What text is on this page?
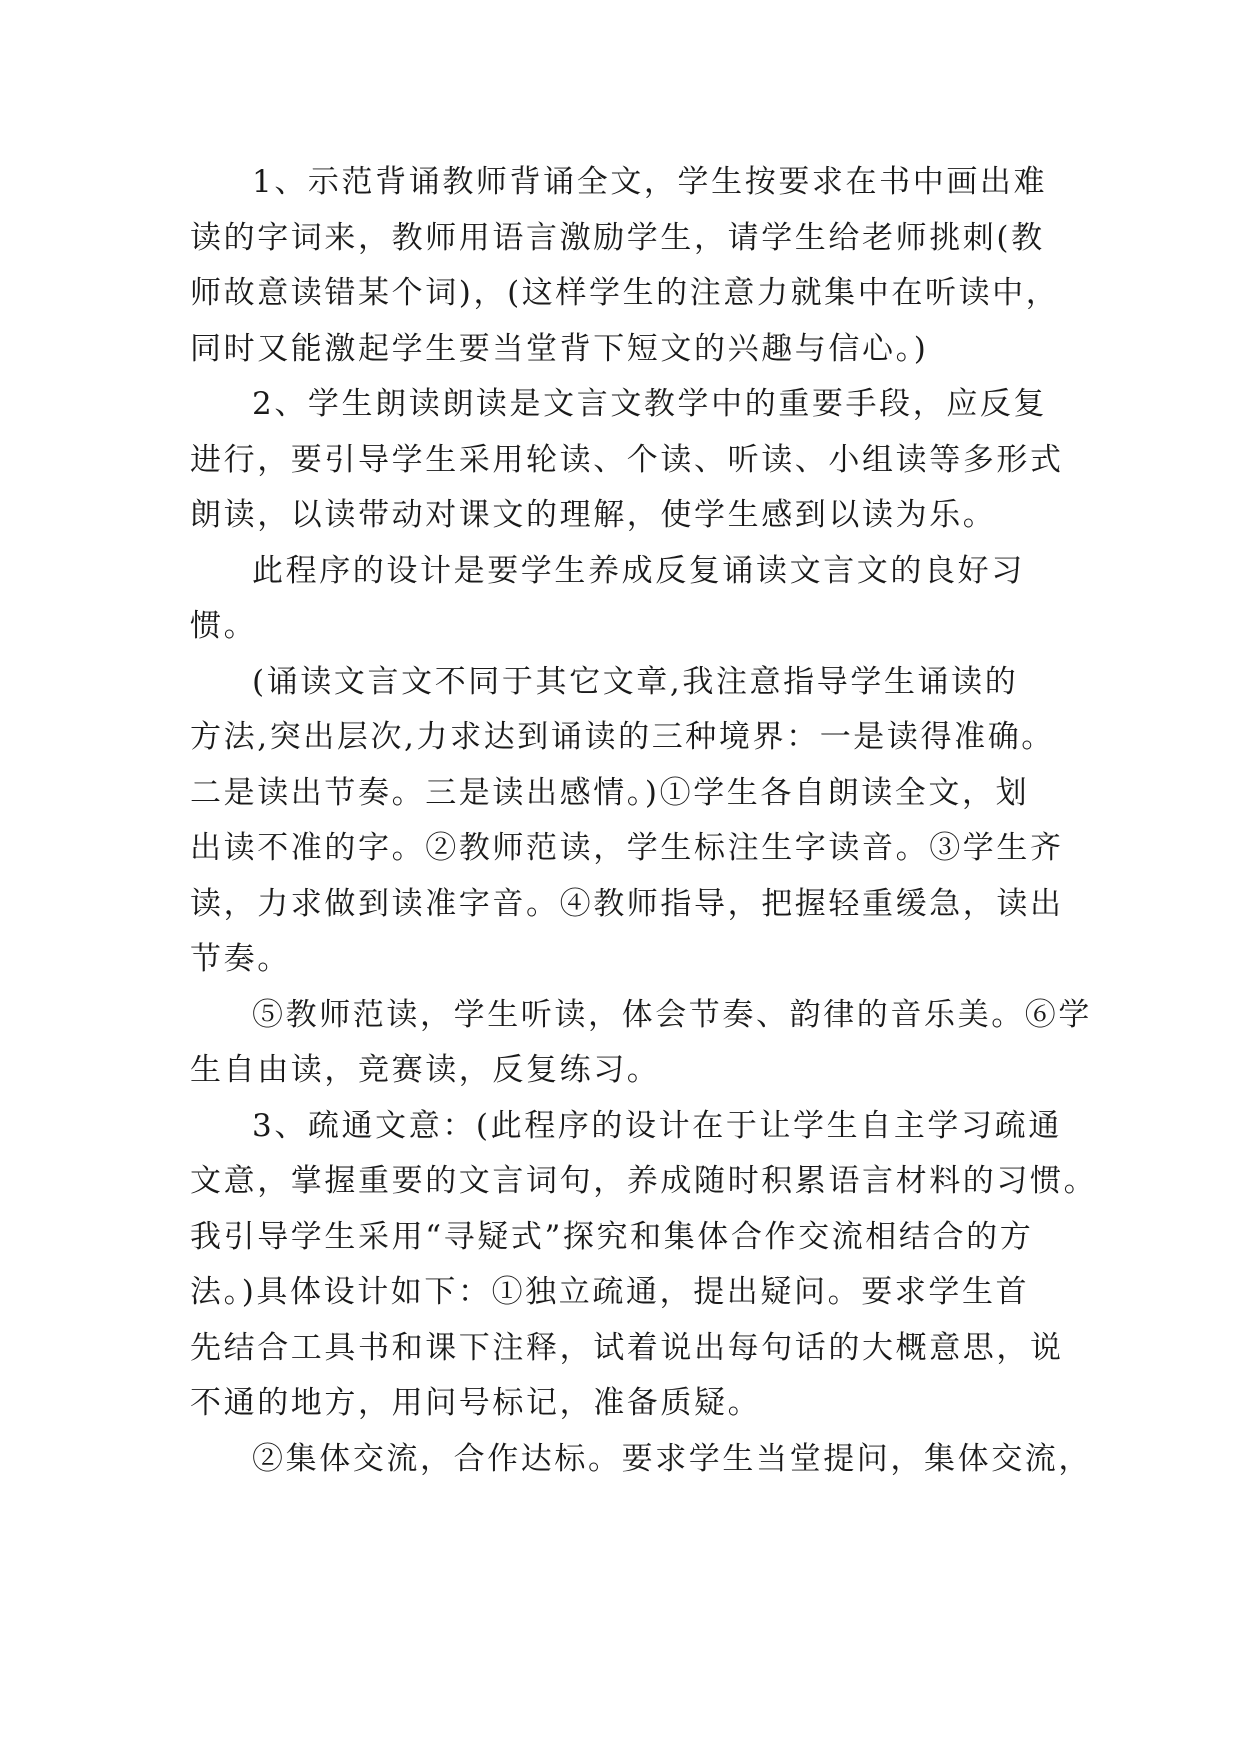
1、示范背诵教师背诵全文，学生按要求在书中画出难
读的字词来，教师用语言激励学生，请学生给老师挑刺(教
师故意读错某个词)，(这样学生的注意力就集中在听读中，
同时又能激起学生要当堂背下短文的兴趣与信心。)
2、学生朗读朗读是文言文教学中的重要手段，应反复
进行，要引导学生采用轮读、个读、听读、小组读等多形式
朗读，以读带动对课文的理解，使学生感到以读为乐。
此程序的设计是要学生养成反复诵读文言文的良好习
惯。
(诵读文言文不同于其它文章,我注意指导学生诵读的
方法,突出层次,力求达到诵读的三种境界：一是读得准确。
二是读出节奏。三是读出感情。)①学生各自朗读全文，划
出读不准的字。②教师范读，学生标注生字读音。③学生齐
读，力求做到读准字音。④教师指导，把握轻重缓急，读出
节奏。
⑤教师范读，学生听读，体会节奏、韵律的音乐美。⑥学
生自由读，竞赛读，反复练习。
3、疏通文意：(此程序的设计在于让学生自主学习疏通
文意，掌握重要的文言词句，养成随时积累语言材料的习惯。
我引导学生采用“寻疑式”探究和集体合作交流相结合的方
法。)具体设计如下：①独立疏通，提出疑问。要求学生首
先结合工具书和课下注释，试着说出每句话的大概意思，说
不通的地方，用问号标记，准备质疑。
②集体交流，合作达标。要求学生当堂提问，集体交流，
